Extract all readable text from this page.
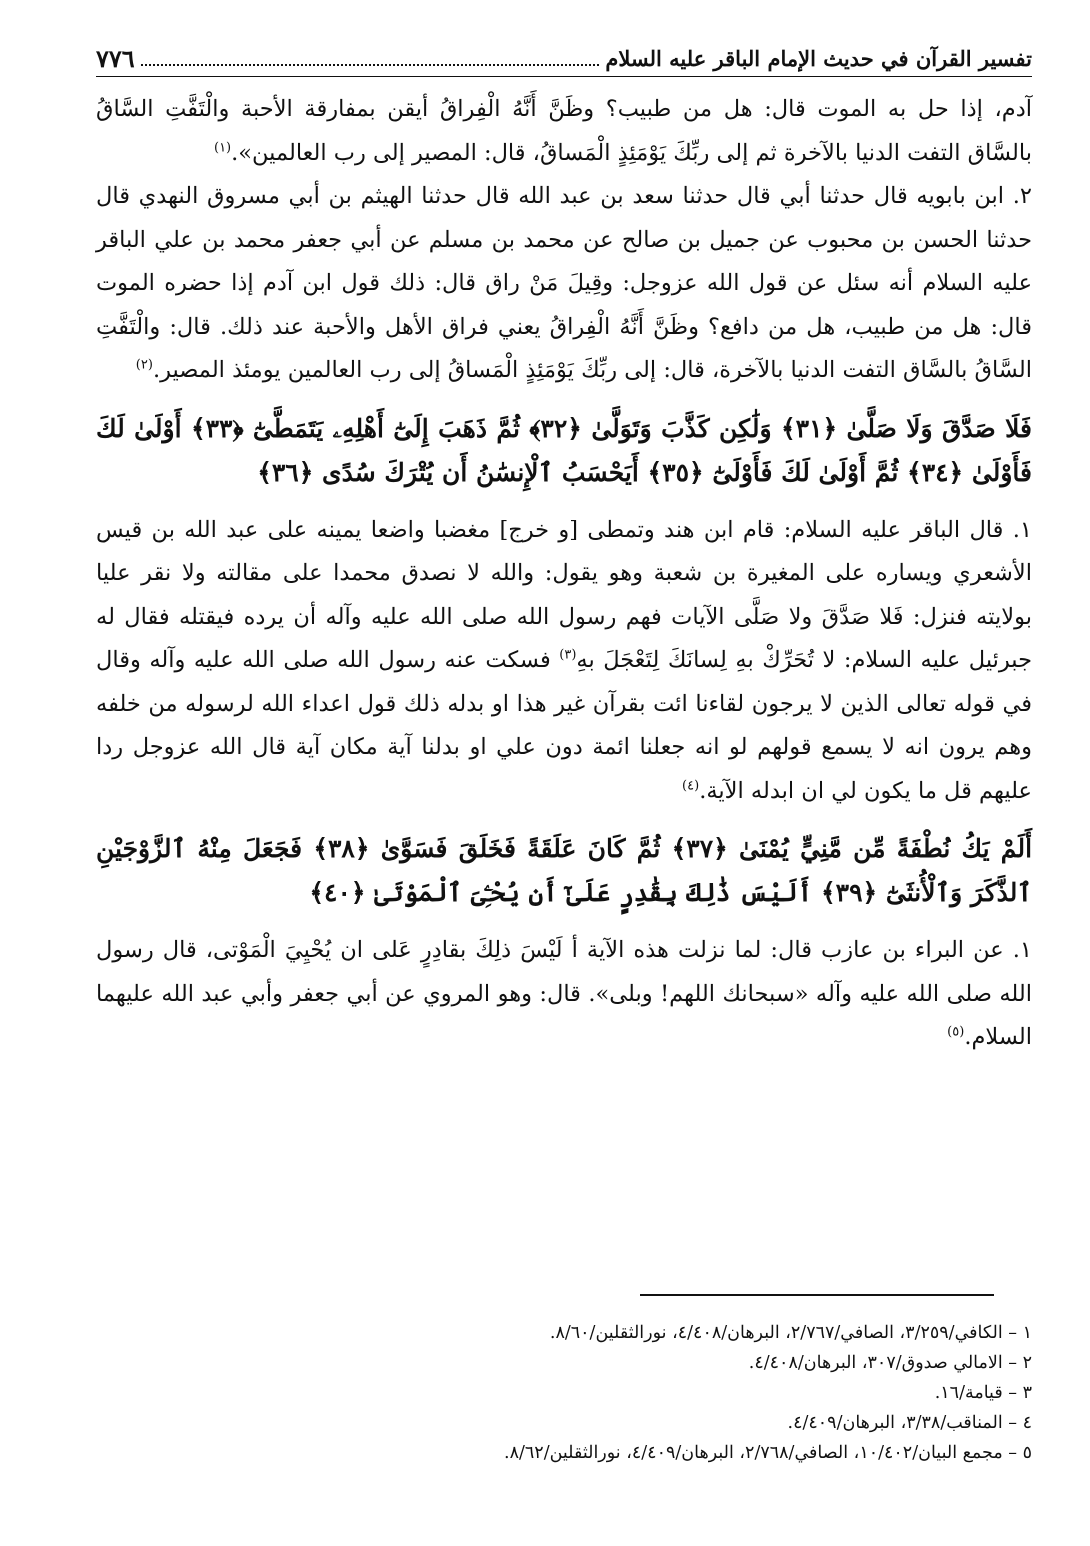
٧٧٦	تفسير القرآن في حديث الإمام الباقر عليه السلام

آدم، إذا حل به الموت قال: هل من طبيب؟ وظَنَّ أَنَّهُ الْفِراقُ أيقن بمفارقة الأحبة والْتَفَّتِ السَّاقُ بالسَّاق التفت الدنيا بالآخرة ثم إلى ربِّكَ يَوْمَئِذٍ الْمَساقُ، قال: المصير إلى رب العالمين».$^{(١)}$

٢. ابن بابويه قال حدثنا أبي قال حدثنا سعد بن عبد الله قال حدثنا الهيثم بن أبي مسروق النهدي قال حدثنا الحسن بن محبوب عن جميل بن صالح عن محمد بن مسلم عن أبي جعفر محمد بن علي الباقر عليه السلام أنه سئل عن قول الله عزوجل: وقِيلَ مَنْ راق قال: ذلك قول ابن آدم إذا حضره الموت قال: هل من طبيب، هل من دافع؟ وظَنَّ أَنَّهُ الْفِراقُ يعني فراق الأهل والأحبة عند ذلك. قال: والْتَفَّتِ السَّاقُ بالسَّاق التفت الدنيا بالآخرة، قال: إلى ربِّكَ يَوْمَئِذٍ الْمَساقُ إلى رب العالمين يومئذ المصير.$^{(٢)}$

فَلَا صَدَّقَ وَلَا صَلَّىٰ ﴿٣١﴾ وَلَٰكِن كَذَّبَ وَتَوَلَّىٰ ﴿٣٢﴾ ثُمَّ ذَهَبَ إِلَىٰٓ أَهْلِهِۦ يَتَمَطَّىٰٓ ﴿٣٣﴾ أَوْلَىٰ لَكَ فَأَوْلَىٰ ﴿٣٤﴾ ثُمَّ أَوْلَىٰ لَكَ فَأَوْلَىٰٓ ﴿٣٥﴾ أَيَحْسَبُ ٱلْإِنسَٰنُ أَن يُتْرَكَ سُدًى ﴿٣٦﴾

١. قال الباقر عليه السلام: قام ابن هند وتمطى [و خرج] مغضبا واضعا يمينه على عبد الله بن قيس الأشعري ويساره على المغيرة بن شعبة وهو يقول: والله لا نصدق محمدا على مقالته ولا نقر عليا بولايته فنزل: فَلا صَدَّقَ ولا صَلَّى الآيات فهم رسول الله صلى الله عليه وآله أن يرده فيقتله فقال له جبرئيل عليه السلام: لا تُحَرِّكْ بهِ لِسانَكَ لِتَعْجَلَ بهِ$^{(٣)}$ فسكت عنه رسول الله صلى الله عليه وآله وقال في قوله تعالى الذين لا يرجون لقاءنا ائت بقرآن غير هذا او بدله ذلك قول اعداء الله لرسوله من خلفه وهم يرون انه لا يسمع قولهم لو انه جعلنا ائمة دون علي او بدلنا آية مكان آية قال الله عزوجل ردا عليهم قل ما يكون لي ان ابدله الآية.$^{(٤)}$

أَلَمْ يَكُ نُطْفَةً مِّن مَّنِيٍّ يُمْنَىٰ ﴿٣٧﴾ ثُمَّ كَانَ عَلَقَةً فَخَلَقَ فَسَوَّىٰ ﴿٣٨﴾ فَجَعَلَ مِنْهُ ٱلزَّوْجَيْنِ ٱلذَّكَرَ وَٱلْأُنثَىٰٓ ﴿٣٩﴾ أَلَيْسَ ذَٰلِكَ بِقَٰدِرٍ عَلَىٰٓ أَن يُحْـِۧىَ ٱلْمَوْتَىٰ ﴿٤٠﴾

١. عن البراء بن عازب قال: لما نزلت هذه الآية أ لَيْسَ ذلِكَ بقادِرٍ عَلى ان يُحْيِيَ الْمَوْتى، قال رسول الله صلى الله عليه وآله «سبحانك اللهم! وبلى». قال: وهو المروي عن أبي جعفر وأبي عبد الله عليهما السلام.$^{(٥)}$

١ – الكافي/٣/٢٥٩، الصافي/٢/٧٦٧، البرهان/٤/٤٠٨، نورالثقلين/٨/٦٠.
٢ – الامالي صدوق/٣٠٧، البرهان/٤/٤٠٨.
٣ – قيامة/١٦.
٤ – المناقب/٣/٣٨، البرهان/٤/٤٠٩.
٥ – مجمع البيان/١٠/٤٠٢، الصافي/٢/٧٦٨، البرهان/٤/٤٠٩، نورالثقلين/٨/٦٢.
